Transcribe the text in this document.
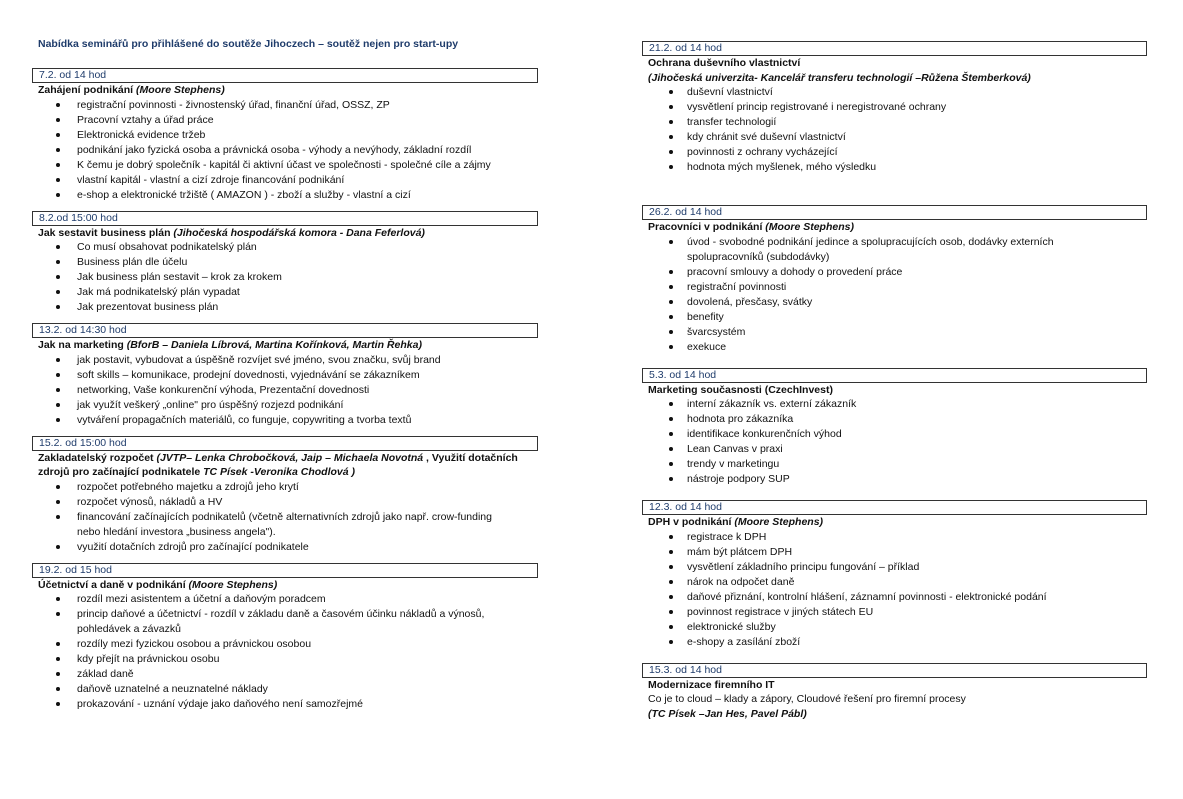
Nabídka seminářů pro přihlášené do soutěže Jihoczech – soutěž nejen pro start-upy
7.2. od 14 hod
Zahájení podnikání (Moore Stephens)
registrační povinnosti - živnostenský úřad, finanční úřad, OSSZ, ZP
Pracovní vztahy a úřad práce
Elektronická evidence tržeb
podnikání jako fyzická osoba a právnická osoba - výhody a nevýhody, základní rozdíl
K čemu je dobrý společník - kapitál či aktivní účast ve společnosti - společné cíle a zájmy
vlastní kapitál - vlastní a cizí zdroje financování podnikání
e-shop a elektronické tržiště ( AMAZON ) - zboží a služby - vlastní a cizí
8.2.od 15:00 hod
Jak sestavit business plán (Jihočeská hospodářská komora - Dana Feferlová)
Co musí obsahovat podnikatelský plán
Business plán dle účelu
Jak business plán sestavit – krok za krokem
Jak má podnikatelský plán vypadat
Jak prezentovat business plán
13.2. od 14:30 hod
Jak na marketing (BforB – Daniela Líbrová, Martina Kořínková, Martin Řehka)
jak postavit, vybudovat a úspěšně rozvíjet své jméno, svou značku, svůj brand
soft skills – komunikace, prodejní dovednosti, vyjednávání se zákazníkem
networking, Vaše konkurenční výhoda, Prezentační dovednosti
jak využít veškerý „online" pro úspěšný rozjezd podnikání
vytváření propagačních materiálů, co funguje, copywriting a tvorba textů
15.2. od 15:00 hod
Zakladatelský rozpočet (JVTP– Lenka Chrobočková, Jaip – Michaela Novotná , Využití dotačních
zdrojů pro začínající podnikatele TC Písek -Veronika Chodlová )
rozpočet potřebného majetku a zdrojů jeho krytí
rozpočet výnosů, nákladů a HV
financování začínajících podnikatelů (včetně alternativních zdrojů jako např. crow-funding nebo hledání investora „business angela").
využití dotačních zdrojů pro začínající podnikatele
19.2. od 15 hod
Účetnictví a daně v podnikání (Moore Stephens)
rozdíl mezi asistentem a účetní a daňovým poradcem
princip daňové a účetnictví - rozdíl v základu daně a časovém účinku nákladů a výnosů, pohledávek a závazků
rozdíly mezi fyzickou osobou a právnickou osobou
kdy přejít na právnickou osobu
základ daně
daňově uznatelné a neuznatelné náklady
prokazování - uznání výdaje jako daňového není samozřejmé
21.2. od 14 hod
Ochrana duševního vlastnictví
(Jihočeská univerzita- Kancelář transferu technologií –Růžena Štemberková)
duševní vlastnictví
vysvětlení princip registrované i neregistrované ochrany
transfer technologií
kdy chránit své duševní vlastnictví
povinnosti z ochrany vycházející
hodnota mých myšlenek, mého výsledku
26.2. od 14 hod
Pracovníci v podnikání (Moore Stephens)
úvod - svobodné podnikání jedince a spolupracujících osob, dodávky externích spolupracovníků (subdodávky)
pracovní smlouvy a dohody o provedení práce
registrační povinnosti
dovolená, přesčasy, svátky
benefity
švarcsystém
exekuce
5.3. od 14 hod
Marketing současnosti (CzechInvest)
interní zákazník vs. externí zákazník
hodnota pro zákazníka
identifikace konkurenčních výhod
Lean Canvas v praxi
trendy v marketingu
nástroje podpory SUP
12.3. od 14 hod
DPH v podnikání (Moore Stephens)
registrace k DPH
mám být plátcem DPH
vysvětlení základního principu fungování – příklad
nárok na odpočet daně
daňové přiznání, kontrolní hlášení, záznamní povinnosti - elektronické podání
povinnost registrace v jiných státech EU
elektronické služby
e-shopy a zasílání zboží
15.3. od 14 hod
Modernizace firemního IT
Co je to cloud – klady a zápory, Cloudové řešení pro firemní procesy
(TC Písek –Jan Hes, Pavel Pábl)
